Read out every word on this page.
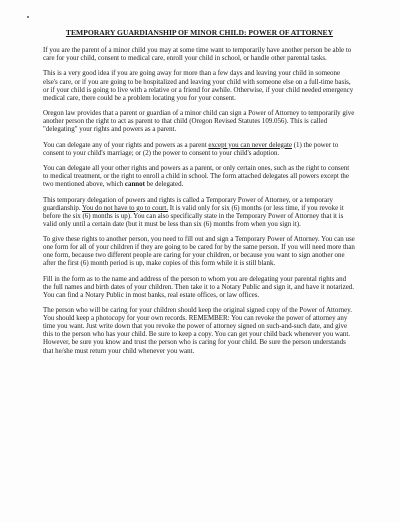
TEMPORARY GUARDIANSHIP OF MINOR CHILD: POWER OF ATTORNEY

If you are the parent of a minor child you may at some time want to temporarily have another person be able to care for your child, consent to medical care, enroll your child in school, or handle other parental tasks.

This is a very good idea if you are going away for more than a few days and leaving your child in someone else's care, or if you are going to be hospitalized and leaving your child with someone else on a full-time basis, or if your child is going to live with a relative or a friend for awhile. Otherwise, if your child needed emergency medical care, there could be a problem locating you for your consent.

Oregon law provides that a parent or guardian of a minor child can sign a Power of Attorney to temporarily give another person the right to act as parent to that child (Oregon Revised Statutes 109.056). This is called "delegating" your rights and powers as a parent.

You can delegate any of your rights and powers as a parent except you can never delegate (1) the power to consent to your child's marriage; or (2) the power to consent to your child's adoption.

You can delegate all your other rights and powers as a parent, or only certain ones, such as the right to consent to medical treatment, or the right to enroll a child in school. The form attached delegates all powers except the two mentioned above, which cannot be delegated.

This temporary delegation of powers and rights is called a Temporary Power of Attorney, or a temporary guardianship. You do not have to go to court. It is valid only for six (6) months (or less time, if you revoke it before the six (6) months is up). You can also specifically state in the Temporary Power of Attorney that it is valid only until a certain date (but it must be less than six (6) months from when you sign it).

To give these rights to another person, you need to fill out and sign a Temporary Power of Attorney. You can use one form for all of your children if they are going to be cared for by the same person. If you will need more than one form, because two different people are caring for your children, or because you want to sign another one after the first (6) month period is up, make copies of this form while it is still blank.

Fill in the form as to the name and address of the person to whom you are delegating your parental rights and the full names and birth dates of your children. Then take it to a Notary Public and sign it, and have it notarized. You can find a Notary Public in most banks, real estate offices, or law offices.

The person who will be caring for your children should keep the original signed copy of the Power of Attorney. You should keep a photocopy for your own records. REMEMBER: You can revoke the power of attorney any time you want. Just write down that you revoke the power of attorney signed on such-and-such date, and give this to the person who has your child. Be sure to keep a copy. You can get your child back whenever you want. However, be sure you know and trust the person who is caring for your child. Be sure the person understands that he/she must return your child whenever you want.
